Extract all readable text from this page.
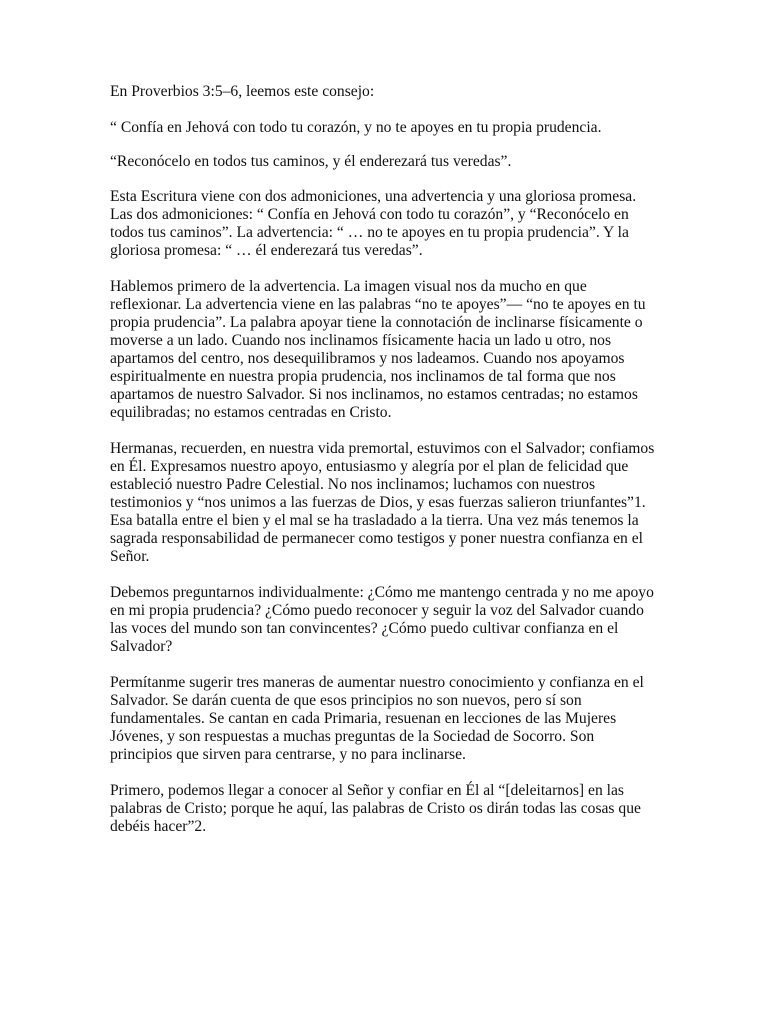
En Proverbios 3:5–6, leemos este consejo:

“ Confía en Jehová con todo tu corazón, y no te apoyes en tu propia prudencia.

“Reconócelo en todos tus caminos, y él enderezará tus veredas”.

Esta Escritura viene con dos admoniciones, una advertencia y una gloriosa promesa. Las dos admoniciones: “ Confía en Jehová con todo tu corazón”, y “Reconócelo en todos tus caminos”. La advertencia: “ … no te apoyes en tu propia prudencia”. Y la gloriosa promesa: “ … él enderezará tus veredas”.

Hablemos primero de la advertencia. La imagen visual nos da mucho en que reflexionar. La advertencia viene en las palabras “no te apoyes”— “no te apoyes en tu propia prudencia”. La palabra apoyar tiene la connotación de inclinarse físicamente o moverse a un lado. Cuando nos inclinamos físicamente hacia un lado u otro, nos apartamos del centro, nos desequilibramos y nos ladeamos. Cuando nos apoyamos espiritualmente en nuestra propia prudencia, nos inclinamos de tal forma que nos apartamos de nuestro Salvador. Si nos inclinamos, no estamos centradas; no estamos equilibradas; no estamos centradas en Cristo.

Hermanas, recuerden, en nuestra vida premortal, estuvimos con el Salvador; confiamos en Él. Expresamos nuestro apoyo, entusiasmo y alegría por el plan de felicidad que estableció nuestro Padre Celestial. No nos inclinamos; luchamos con nuestros testimonios y “nos unimos a las fuerzas de Dios, y esas fuerzas salieron triunfantes”1. Esa batalla entre el bien y el mal se ha trasladado a la tierra. Una vez más tenemos la sagrada responsabilidad de permanecer como testigos y poner nuestra confianza en el Señor.

Debemos preguntarnos individualmente: ¿Cómo me mantengo centrada y no me apoyo en mi propia prudencia? ¿Cómo puedo reconocer y seguir la voz del Salvador cuando las voces del mundo son tan convincentes? ¿Cómo puedo cultivar confianza en el Salvador?

Permítanme sugerir tres maneras de aumentar nuestro conocimiento y confianza en el Salvador. Se darán cuenta de que esos principios no son nuevos, pero sí son fundamentales. Se cantan en cada Primaria, resuenan en lecciones de las Mujeres Jóvenes, y son respuestas a muchas preguntas de la Sociedad de Socorro. Son principios que sirven para centrarse, y no para inclinarse.

Primero, podemos llegar a conocer al Señor y confiar en Él al “[deleitarnos] en las palabras de Cristo; porque he aquí, las palabras de Cristo os dirán todas las cosas que debéis hacer”2.
